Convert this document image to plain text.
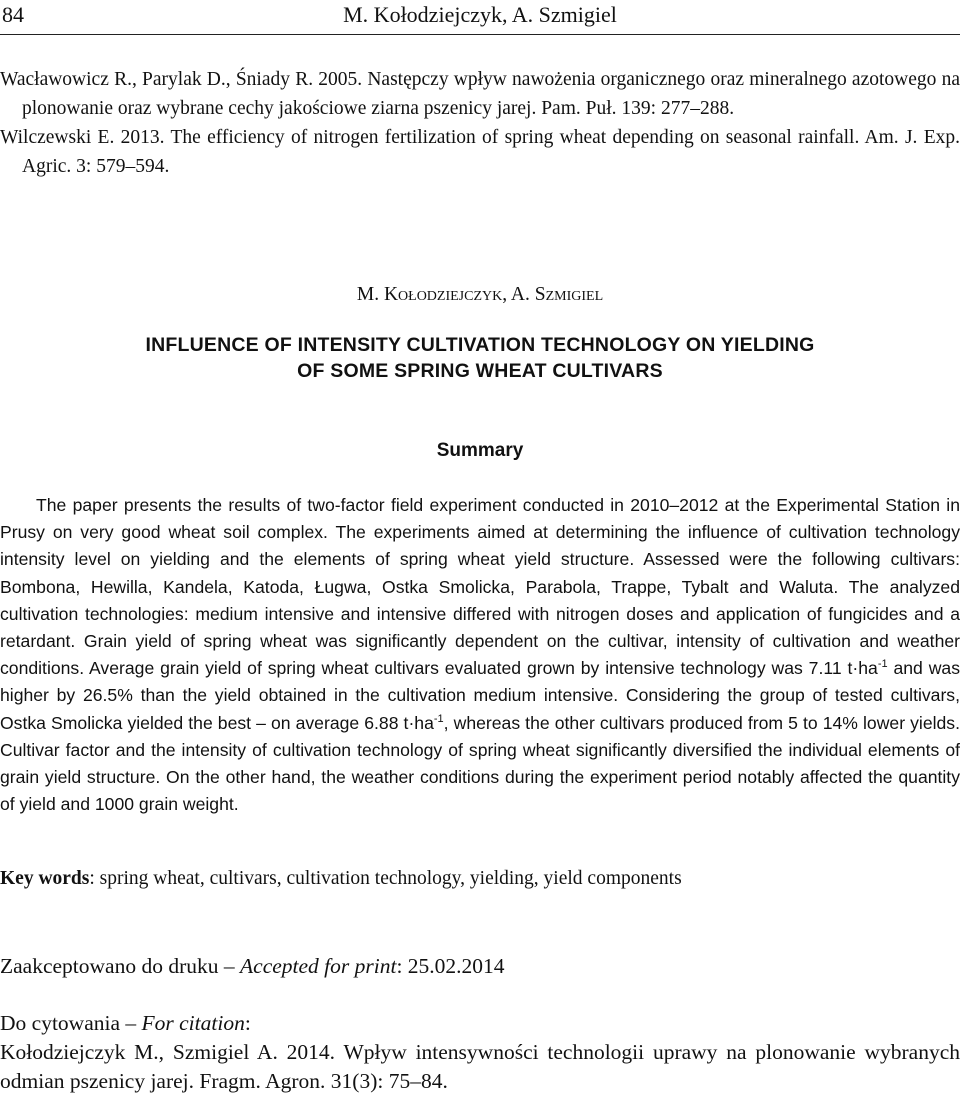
84	M. Kołodziejczyk, A. Szmigiel

Wacławowicz R., Parylak D., Śniady R. 2005. Następczy wpływ nawożenia organicznego oraz mineralnego azotowego na plonowanie oraz wybrane cechy jakościowe ziarna pszenicy jarej. Pam. Puł. 139: 277–288.

Wilczewski E. 2013. The efficiency of nitrogen fertilization of spring wheat depending on seasonal rainfall. Am. J. Exp. Agric. 3: 579–594.

M. Kołodziejczyk, A. Szmigiel
INFLUENCE OF INTENSITY CULTIVATION TECHNOLOGY ON YIELDING
OF SOME SPRING WHEAT CULTIVARS
Summary

The paper presents the results of two-factor field experiment conducted in 2010–2012 at the Experimental Station in Prusy on very good wheat soil complex. The experiments aimed at determining the influence of cultivation technology intensity level on yielding and the elements of spring wheat yield structure. Assessed were the following cultivars: Bombona, Hewilla, Kandela, Katoda, Ługwa, Ostka Smolicka, Parabola, Trappe, Tybalt and Waluta. The analyzed cultivation technologies: medium intensive and intensive differed with nitrogen doses and application of fungicides and a retardant. Grain yield of spring wheat was significantly dependent on the cultivar, intensity of cultivation and weather conditions. Average grain yield of spring wheat cultivars evaluated grown by intensive technology was 7.11 $t\cdot ha^{-1}$ and was higher by 26.5% than the yield obtained in the cultivation medium intensive. Considering the group of tested cultivars, Ostka Smolicka yielded the best – on average 6.88 $t\cdot ha^{-1}$, whereas the other cultivars produced from 5 to 14% lower yields. Cultivar factor and the intensity of cultivation technology of spring wheat significantly diversified the individual elements of grain yield structure. On the other hand, the weather conditions during the experiment period notably affected the quantity of yield and 1000 grain weight.

Key words: spring wheat, cultivars, cultivation technology, yielding, yield components
Zaakceptowano do druku – Accepted for print: 25.02.2014
Do cytowania – For citation:
Kołodziejczyk M., Szmigiel A. 2014. Wpływ intensywności technologii uprawy na plonowanie wybranych odmian pszenicy jarej. Fragm. Agron. 31(3): 75–84.
